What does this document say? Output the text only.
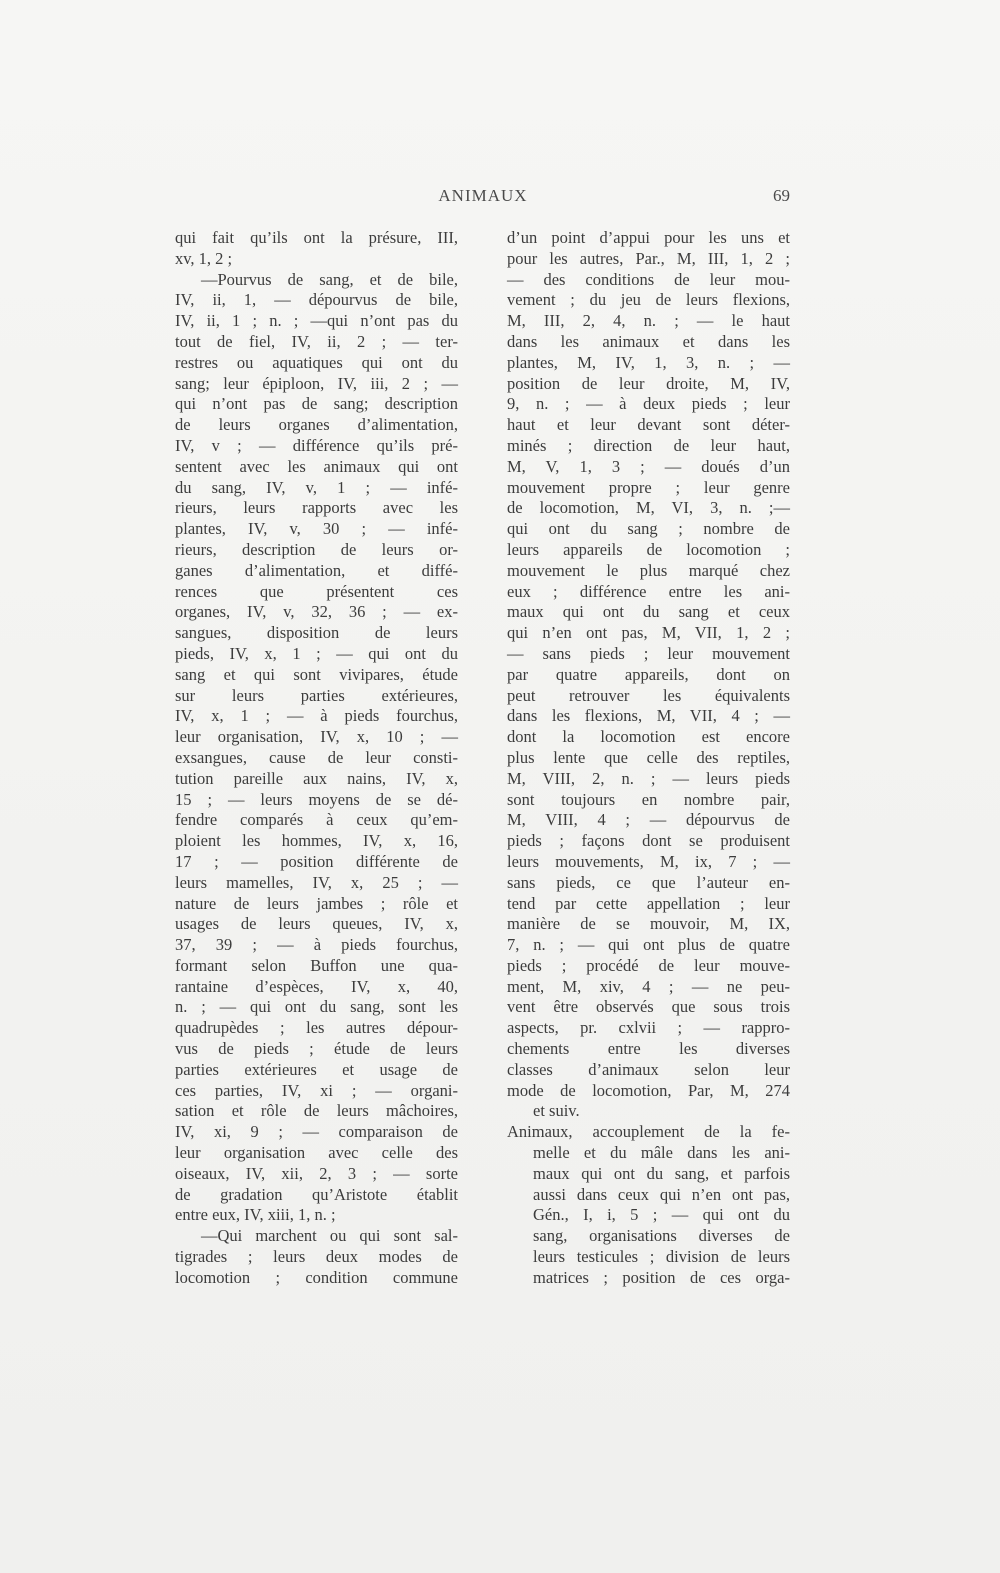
ANIMAUX	69
qui fait qu’ils ont la présure, III,
xv, 1, 2 ;
—Pourvus de sang, et de bile,
IV, ii, 1, — dépourvus de bile,
IV, ii, 1 ; n. ; —qui n’ont pas du
tout de fiel, IV, ii, 2 ; — ter-
restres ou aquatiques qui ont du
sang; leur épiploon, IV, iii, 2 ; —
qui n’ont pas de sang; description
de leurs organes d’alimentation,
IV, v ; — différence qu’ils pré-
sentent avec les animaux qui ont
du sang, IV, v, 1 ; — infé-
rieurs, leurs rapports avec les
plantes, IV, v, 30 ; — infé-
rieurs, description de leurs or-
ganes d’alimentation, et diffé-
rences que présentent ces
organes, IV, v, 32, 36 ; — ex-
sangues, disposition de leurs
pieds, IV, x, 1 ; — qui ont du
sang et qui sont vivipares, étude
sur leurs parties extérieures,
IV, x, 1 ; — à pieds fourchus,
leur organisation, IV, x, 10 ; —
exsangues, cause de leur consti-
tution pareille aux nains, IV, x,
15 ; — leurs moyens de se dé-
fendre comparés à ceux qu’em-
ploient les hommes, IV, x, 16,
17 ; — position différente de
leurs mamelles, IV, x, 25 ; —
nature de leurs jambes ; rôle et
usages de leurs queues, IV, x,
37, 39 ; — à pieds fourchus,
formant selon Buffon une qua-
rantaine d’espèces, IV, x, 40,
n. ; — qui ont du sang, sont les
quadrupèdes ; les autres dépour-
vus de pieds ; étude de leurs
parties extérieures et usage de
ces parties, IV, xi ; — organi-
sation et rôle de leurs mâchoires,
IV, xi, 9 ; — comparaison de
leur organisation avec celle des
oiseaux, IV, xii, 2, 3 ; — sorte
de gradation qu’Aristote établit
entre eux, IV, xiii, 1, n. ;
—Qui marchent ou qui sont sal-
tigrades ; leurs deux modes de
locomotion ; condition commune
d’un point d’appui pour les uns et
pour les autres, Par., M, III, 1, 2 ;
— des conditions de leur mou-
vement ; du jeu de leurs flexions,
M, III, 2, 4, n. ; — le haut
dans les animaux et dans les
plantes, M, IV, 1, 3, n. ; —
position de leur droite, M, IV,
9, n. ; — à deux pieds ; leur
haut et leur devant sont déter-
minés ; direction de leur haut,
M, V, 1, 3 ; — doués d’un
mouvement propre ; leur genre
de locomotion, M, VI, 3, n. ;—
qui ont du sang ; nombre de
leurs appareils de locomotion ;
mouvement le plus marqué chez
eux ; différence entre les ani-
maux qui ont du sang et ceux
qui n’en ont pas, M, VII, 1, 2 ;
— sans pieds ; leur mouvement
par quatre appareils, dont on
peut retrouver les équivalents
dans les flexions, M, VII, 4 ; —
dont la locomotion est encore
plus lente que celle des reptiles,
M, VIII, 2, n. ; — leurs pieds
sont toujours en nombre pair,
M, VIII, 4 ; — dépourvus de
pieds ; façons dont se produisent
leurs mouvements, M, ix, 7 ; —
sans pieds, ce que l’auteur en-
tend par cette appellation ; leur
manière de se mouvoir, M, IX,
7, n. ; — qui ont plus de quatre
pieds ; procédé de leur mouve-
ment, M, xiv, 4 ; — ne peu-
vent être observés que sous trois
aspects, pr. cxlvii ; — rappro-
chements entre les diverses
classes d’animaux selon leur
mode de locomotion, Par, M, 274
et suiv.
Animaux, accouplement de la fe-
melle et du mâle dans les ani-
maux qui ont du sang, et parfois
aussi dans ceux qui n’en ont pas,
Gén., I, i, 5 ; — qui ont du
sang, organisations diverses de
leurs testicules ; division de leurs
matrices ; position de ces orga-
